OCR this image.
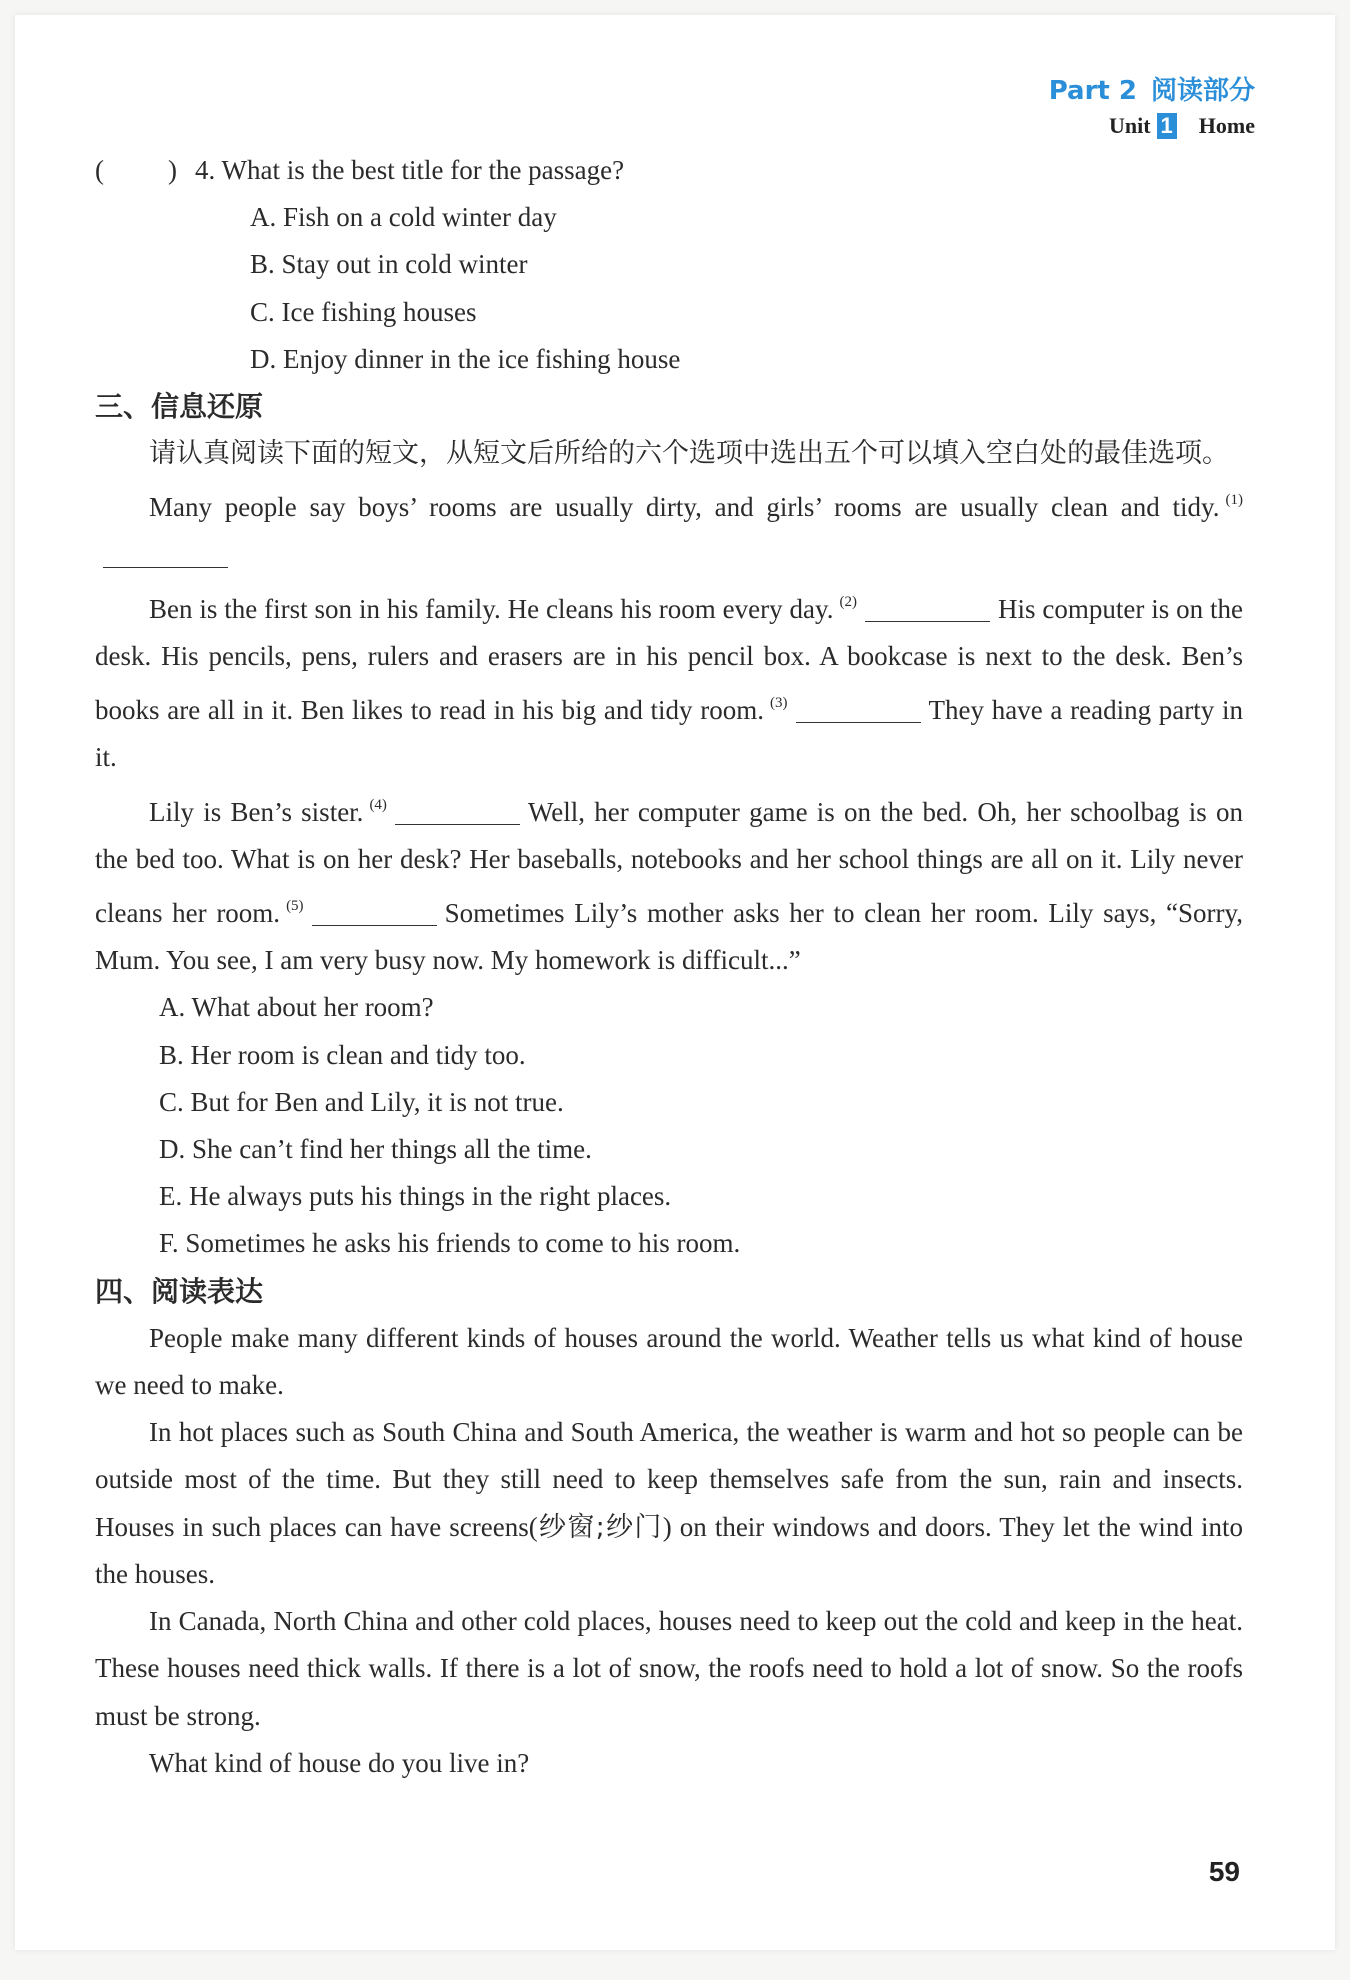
Part 2 阅读部分
Unit 1 Home

( ) 4. What is the best title for the passage?

A. Fish on a cold winter day

B. Stay out in cold winter

C. Ice fishing houses

D. Enjoy dinner in the ice fishing house

三、信息还原

请认真阅读下面的短文，从短文后所给的六个选项中选出五个可以填入空白处的最佳选项。

Many people say boys’ rooms are usually dirty, and girls’ rooms are usually clean and tidy. $^{(1)}$

Ben is the first son in his family. He cleans his room every day. $^{(2)}$	His computer is on the desk. His pencils, pens, rulers and erasers are in his pencil box. A bookcase is next to the desk. Ben’s books are all in it. Ben likes to read in his big and tidy room. $^{(3)}$	They have a reading party in it.

Lily is Ben’s sister. $^{(4)}$	Well, her computer game is on the bed. Oh, her schoolbag is on the bed too. What is on her desk? Her baseballs, notebooks and her school things are all on it. Lily never cleans her room. $^{(5)}$	Sometimes Lily’s mother asks her to clean her room. Lily says, “Sorry, Mum. You see, I am very busy now. My homework is difficult...”

A. What about her room?

B. Her room is clean and tidy too.

C. But for Ben and Lily, it is not true.

D. She can’t find her things all the time.

E. He always puts his things in the right places.

F. Sometimes he asks his friends to come to his room.

四、阅读表达

People make many different kinds of houses around the world. Weather tells us what kind of house we need to make.

In hot places such as South China and South America, the weather is warm and hot so people can be outside most of the time. But they still need to keep themselves safe from the sun, rain and insects. Houses in such places can have screens(纱窗;纱门) on their windows and doors. They let the wind into the houses.

In Canada, North China and other cold places, houses need to keep out the cold and keep in the heat. These houses need thick walls. If there is a lot of snow, the roofs need to hold a lot of snow. So the roofs must be strong.

What kind of house do you live in?

59
